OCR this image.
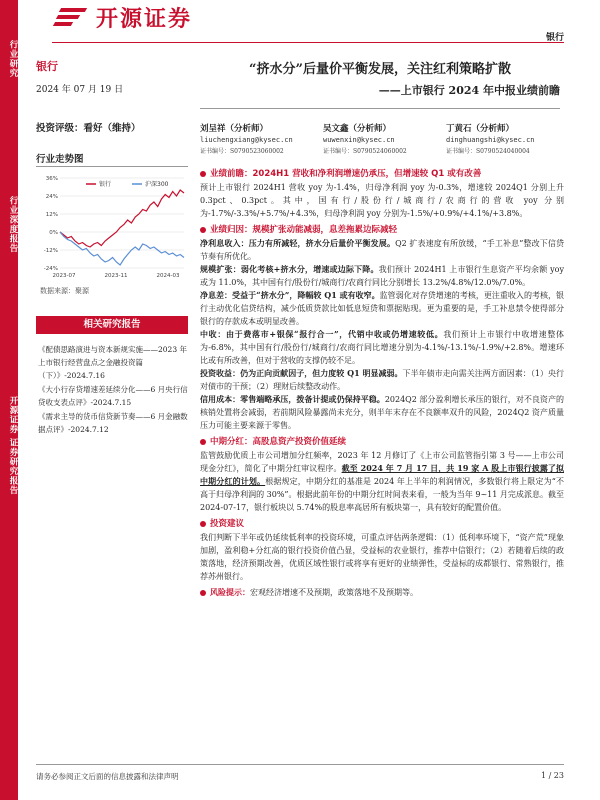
行业研究
行业深度报告
开源证券 证券研究报告
开源证券
银行
银行
2024 年 07 月 19 日
投资评级：看好（维持）
行业走势图
36%
24%
12%
0%
-12%
-24%
2023-07	2023-11	2024-03
银行	沪深300
数据来源：聚源
相关研究报告
《配债思路演进与资本新规实施——2023 年上市银行经营盘点之金融投资篇（下）》-2024.7.16
《大小行存贷增速差延续分化——6 月央行信贷收支表点评》-2024.7.15
《需求主导的货币信贷新节奏——6 月金融数据点评》-2024.7.12
“挤水分”后量价平衡发展，关注红利策略扩散
——上市银行 2024 年中报业绩前瞻
刘呈祥（分析师）
liuchengxiang@kysec.cn
证书编号：S0790523060002
吴文鑫（分析师）
wuwenxin@kysec.cn
证书编号：S0790524060002
丁黄石（分析师）
dinghuangshi@kysec.cn
证书编号：S0790524040004
业绩前瞻：2024H1 营收和净利润增速仍承压，但增速较 Q1 或有改善
预计上市银行 2024H1 营收 yoy 为-1.4%，归母净利润 yoy 为-0.3%，增速较 2024Q1 分别上升 0.3pct、0.3pct。其中，国有行/股份行/城商行/农商行的营收 yoy 分别为-1.7%/-3.3%/+5.7%/+4.3%，归母净利润 yoy 分别为-1.5%/+0.9%/+4.1%/+3.8%。
业绩归因：规模扩张动能减弱，息差拖累边际减轻
净利息收入：压力有所减轻，挤水分后量价平衡发展。Q2 扩表速度有所放缓，“手工补息”整改下信贷节奏有所优化。
规模扩张：弱化考核+挤水分，增速或边际下降。我们预计 2024H1 上市银行生息资产平均余额 yoy 或为 11.0%，其中国有行/股份行/城商行/农商行同比分别增长 13.2%/4.8%/12.0%/7.0%。
净息差：受益于“挤水分”，降幅较 Q1 或有收窄。监管弱化对存贷增速的考核，更注重收入的考核，银行主动优化信贷结构，减少低质贷款比如低息短贷和票据贴现。更为重要的是，手工补息禁令使得部分银行的存款成本或明显改善。
中收：由于费落市+银保“报行合一”，代销中收或仍增速较低。我们预计上市银行中收增速整体为-6.8%，其中国有行/股份行/城商行/农商行同比增速分别为-4.1%/-13.1%/-1.9%/+2.8%。增速环比或有所改善，但对于营收的支撑仍较不足。
投资收益：仍为正向贡献因子，但力度较 Q1 明显减弱。下半年债市走向需关注两方面因素：（1）央行对债市的干预；（2）理财后续整改动作。
信用成本：零售端略承压，拨备计提或仍保持平稳。2024Q2 部分盈利增长承压的银行，对不良资产的核销处置将会减弱，若前期风险暴露尚未充分，则半年末存在不良额率双升的风险，2024Q2 资产质量压力可能主要来源于零售。
中期分红：高股息资产投资价值延续
监管鼓励优质上市公司增加分红频率，2023 年 12 月修订了《上市公司监管指引第 3 号——上市公司现金分红》，简化了中期分红审议程序。截至 2024 年 7 月 17 日，共 19 家 A 股上市银行披露了拟中期分红的计划。根据规定，中期分红的基准是 2024 年上半年的利润情况，多数银行将上限定为“不高于归母净利润的 30%”。根据此前年份的中期分红时间表来看，一般为当年 9~11 月完成派息。截至 2024-07-17，银行板块以 5.74%的股息率高居所有板块第一，具有较好的配置价值。
投资建议
我们判断下半年或仍延续低利率的投资环境，可重点评估两条逻辑：（1）低利率环境下，“资产荒”现象加剧，盈利稳+分红高的银行投资价值凸显，受益标的农业银行，推荐中信银行；（2）若随着后续的政策落地，经济预期改善，优质区域性银行或将享有更好的业绩弹性，受益标的成都银行、常熟银行，推荐苏州银行。
风险提示：宏观经济增速不及预期，政策落地不及预期等。
请务必参阅正文后面的信息披露和法律声明	1 / 23
